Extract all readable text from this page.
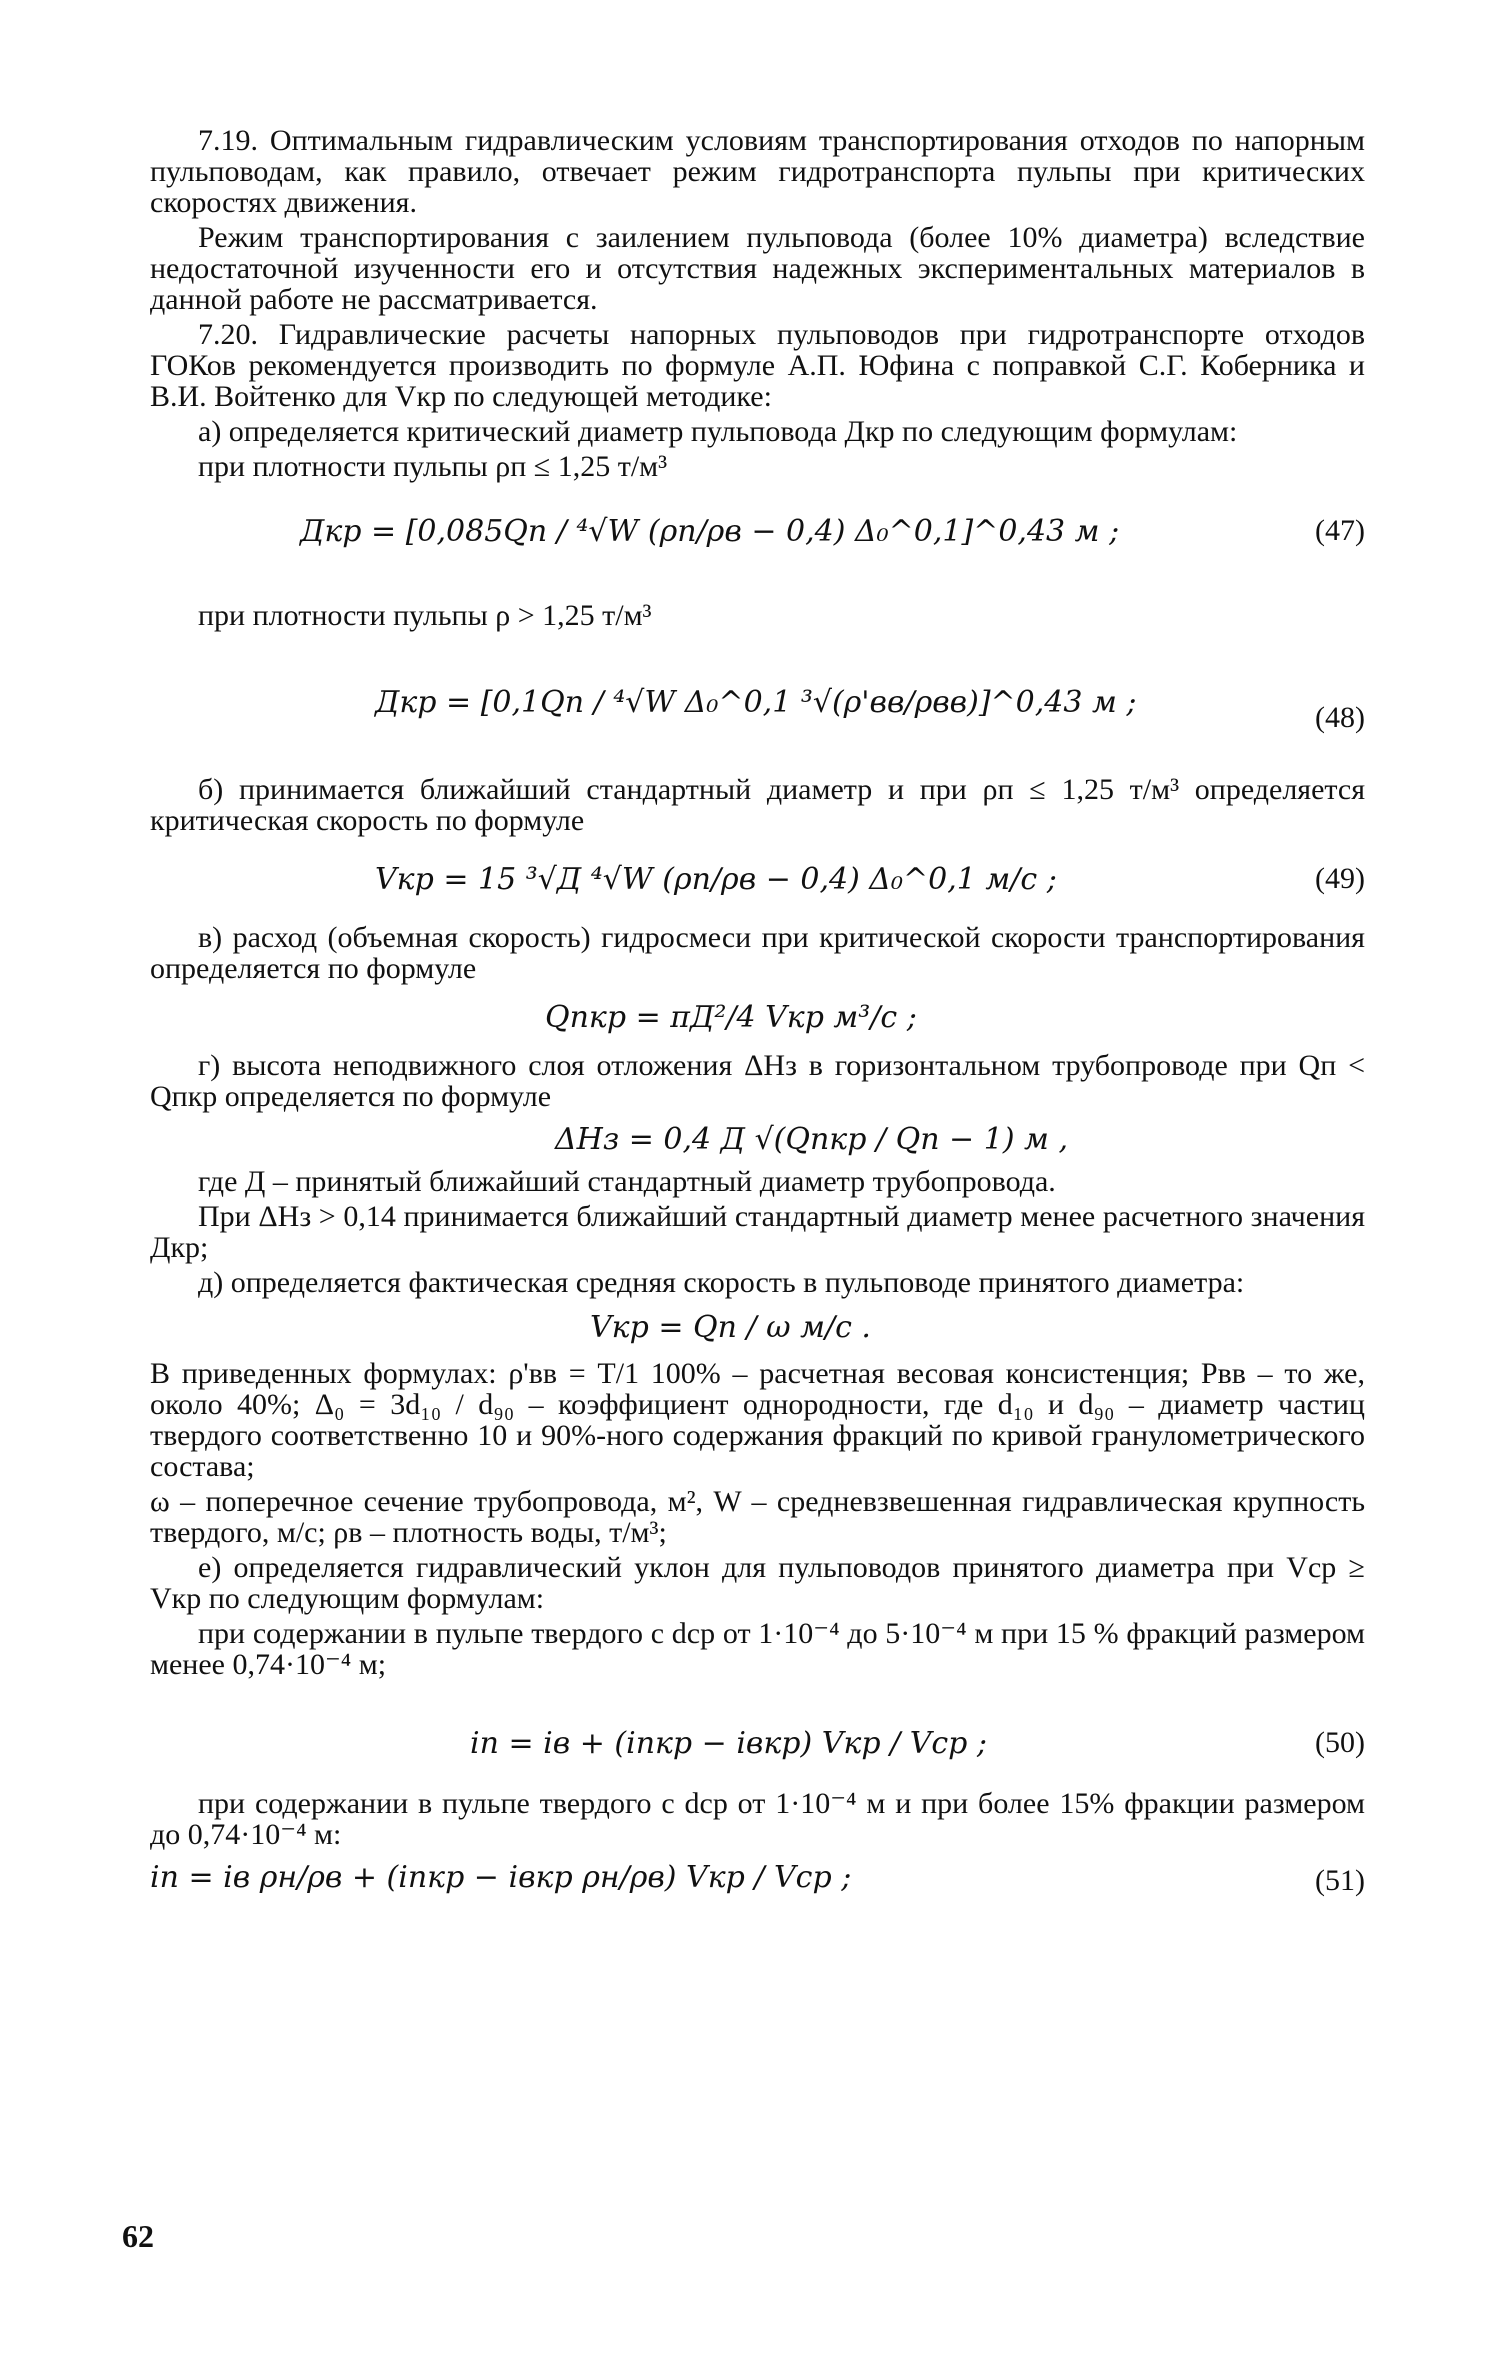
7.19. Оптимальным гидравлическим условиям транспортирования отходов по напорным пульповодам, как правило, отвечает режим гидротранспорта пульпы при критических скоростях движения.

Режим транспортирования с заилением пульповода (более 10% диаметра) вследствие недостаточной изученности его и отсутствия надежных экспериментальных материалов в данной работе не рассматривается.

7.20. Гидравлические расчеты напорных пульповодов при гидротранспорте отходов ГОКов рекомендуется производить по формуле А.П. Юфина с поправкой С.Г. Коберника и В.И. Войтенко для Vкр по следующей методике:

а) определяется критический диаметр пульповода Дкр по следующим формулам:

при плотности пульпы ρп ≤ 1,25 т/м³

Дкр = [0,085Qп / ⁴√W (ρп/ρв − 0,4) Δ₀^0,1]^0,43 м ;	(47)

при плотности пульпы ρ > 1,25 т/м³

Дкр = [0,1Qп / ⁴√W Δ₀^0,1 ³√(ρ'вв/ρвв)]^0,43 м ;	(48)

б) принимается ближайший стандартный диаметр и при ρп ≤ 1,25 т/м³ определяется критическая скорость по формуле

Vкр = 15 ³√Д ⁴√W (ρп/ρв − 0,4) Δ₀^0,1 м/с ;	(49)

в) расход (объемная скорость) гидросмеси при критической скорости транспортирования определяется по формуле

Qпкр = πД²/4 Vкр м³/с ;

г) высота неподвижного слоя отложения ΔНз в горизонтальном трубопроводе при Qп < Qпкр определяется по формуле

ΔНз = 0,4 Д √(Qпкр / Qп − 1) м ,

где Д – принятый ближайший стандартный диаметр трубопровода.

При ΔНз > 0,14 принимается ближайший стандартный диаметр менее расчетного значения Дкр;

д) определяется фактическая средняя скорость в пульповоде принятого диаметра:

Vкр = Qп / ω м/с .

В приведенных формулах: ρ'вв = Т/1 100% – расчетная весовая консистенция; Pвв – то же, около 40%; Δ₀ = 3d₁₀ / d₉₀ – коэффициент однородности, где d₁₀ и d₉₀ – диаметр частиц твердого соответственно 10 и 90%-ного содержания фракций по кривой гранулометрического состава;

ω – поперечное сечение трубопровода, м², W – средневзвешенная гидравлическая крупность твердого, м/с; ρв – плотность воды, т/м³;

е) определяется гидравлический уклон для пульповодов принятого диаметра при Vср ≥ Vкр по следующим формулам:

при содержании в пульпе твердого с dср от 1·10⁻⁴ до 5·10⁻⁴ м при 15 % фракций размером менее 0,74·10⁻⁴ м;

iп = iв + (iпкр − iвкр) Vкр / Vср ;	(50)

при содержании в пульпе твердого с dср от 1·10⁻⁴ м и при более 15% фракции размером до 0,74·10⁻⁴ м:

iп = iв ρн/ρв + (iпкр − iвкр ρн/ρв) Vкр / Vср ;	(51)
62
